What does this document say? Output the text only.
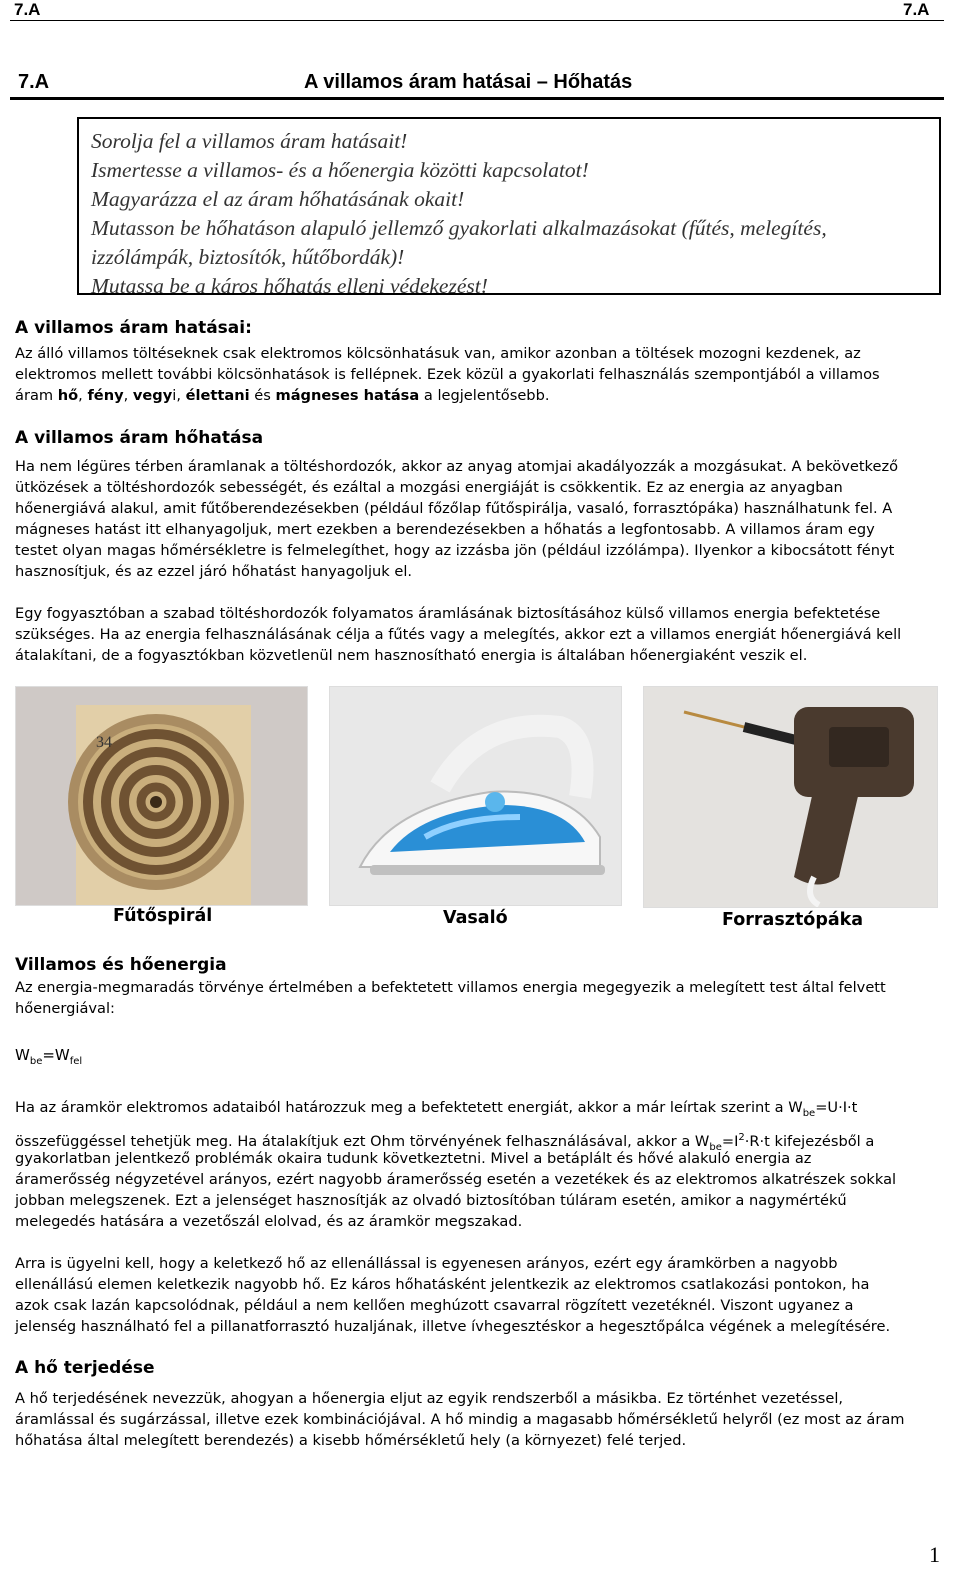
7.A	7.A
7.A	A villamos áram hatásai – Hőhatás
Sorolja fel a villamos áram hatásait!
Ismertesse a villamos- és a hőenergia közötti kapcsolatot!
Magyarázza el az áram hőhatásának okait!
Mutasson be hőhatáson alapuló jellemző gyakorlati alkalmazásokat (fűtés, melegítés,
izzólámpák, biztosítók, hűtőbordák)!
Mutassa be a káros hőhatás elleni védekezést!
A villamos áram hatásai:
Az álló villamos töltéseknek csak elektromos kölcsönhatásuk van, amikor azonban a töltések mozogni kezdenek, az
elektromos mellett további kölcsönhatások is fellépnek. Ezek közül a gyakorlati felhasználás szempontjából a villamos
áram hő, fény, vegyi, élettani és mágneses hatása a legjelentősebb.
A villamos áram hőhatása
Ha nem légüres térben áramlanak a töltéshordozók, akkor az anyag atomjai akadályozzák a mozgásukat. A bekövetkező
ütközések a töltéshordozók sebességét, és ezáltal a mozgási energiáját is csökkentik. Ez az energia az anyagban
hőenergiává alakul, amit fűtőberendezésekben (például főzőlap fűtőspirálja, vasaló, forrasztópáka) használhatunk fel. A
mágneses hatást itt elhanyagoljuk, mert ezekben a berendezésekben a hőhatás a legfontosabb. A villamos áram egy
testet olyan magas hőmérsékletre is felmelegíthet, hogy az izzásba jön (például izzólámpa). Ilyenkor a kibocsátott fényt
hasznosítjuk, és az ezzel járó hőhatást hanyagoljuk el.
Egy fogyasztóban a szabad töltéshordozók folyamatos áramlásának biztosításához külső villamos energia befektetése
szükséges. Ha az energia felhasználásának célja a fűtés vagy a melegítés, akkor ezt a villamos energiát hőenergiává kell
átalakítani, de a fogyasztókban közvetlenül nem hasznosítható energia is általában hőenergiaként veszik el.
34
Fűtőspirál	Vasaló	Forrasztópáka
Villamos és hőenergia
Az energia-megmaradás törvénye értelmében a befektetett villamos energia megegyezik a melegített test által felvett
hőenergiával:
$W_{be}=W_{fel}$
Ha az áramkör elektromos adataiból határozzuk meg a befektetett energiát, akkor a már leírtak szerint a $W_{be}=U\cdot I\cdot t$
összefüggéssel tehetjük meg. Ha átalakítjuk ezt Ohm törvényének felhasználásával, akkor a $W_{be}=I^2\cdot R\cdot t$ kifejezésből a
gyakorlatban jelentkező problémák okaira tudunk következtetni. Mivel a betáplált és hővé alakuló energia az
áramerősség négyzetével arányos, ezért nagyobb áramerősség esetén a vezetékek és az elektromos alkatrészek sokkal
jobban melegszenek. Ezt a jelenséget hasznosítják az olvadó biztosítóban túláram esetén, amikor a nagymértékű
melegedés hatására a vezetőszál elolvad, és az áramkör megszakad.
Arra is ügyelni kell, hogy a keletkező hő az ellenállással is egyenesen arányos, ezért egy áramkörben a nagyobb
ellenállású elemen keletkezik nagyobb hő. Ez káros hőhatásként jelentkezik az elektromos csatlakozási pontokon, ha
azok csak lazán kapcsolódnak, például a nem kellően meghúzott csavarral rögzített vezetéknél. Viszont ugyanez a
jelenség használható fel a pillanatforrasztó huzaljának, illetve ívhegesztéskor a hegesztőpálca végének a melegítésére.
A hő terjedése
A hő terjedésének nevezzük, ahogyan a hőenergia eljut az egyik rendszerből a másikba. Ez történhet vezetéssel,
áramlással és sugárzással, illetve ezek kombinációjával. A hő mindig a magasabb hőmérsékletű helyről (ez most az áram
hőhatása által melegített berendezés) a kisebb hőmérsékletű hely (a környezet) felé terjed.
1
